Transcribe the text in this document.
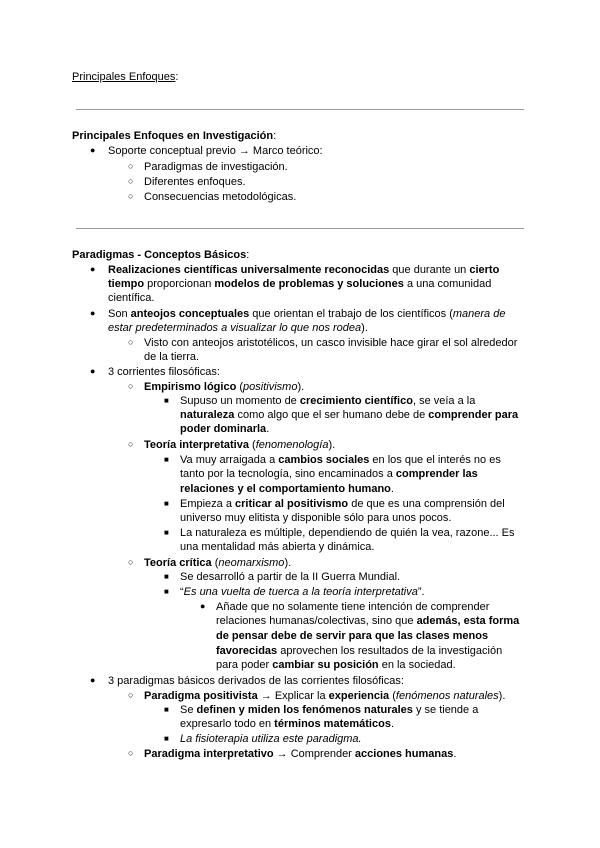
Principales Enfoques:
Principales Enfoques en Investigación:
● Soporte conceptual previo → Marco teórico:
○ Paradigmas de investigación.
○ Diferentes enfoques.
○ Consecuencias metodológicas.
Paradigmas - Conceptos Básicos:
● Realizaciones científicas universalmente reconocidas que durante un cierto
tiempo proporcionan modelos de problemas y soluciones a una comunidad
científica.
● Son anteojos conceptuales que orientan el trabajo de los científicos (manera de
estar predeterminados a visualizar lo que nos rodea).
○ Visto con anteojos aristotélicos, un casco invisible hace girar el sol alrededor
de la tierra.
● 3 corrientes filosóficas:
○ Empirismo lógico (positivismo).
■ Supuso un momento de crecimiento científico, se veía a la
naturaleza como algo que el ser humano debe de comprender para
poder dominarla.
○ Teoría interpretativa (fenomenología).
■ Va muy arraigada a cambios sociales en los que el interés no es
tanto por la tecnología, sino encaminados a comprender las
relaciones y el comportamiento humano.
■ Empieza a criticar al positivismo de que es una comprensión del
universo muy elitista y disponible sólo para unos pocos.
■ La naturaleza es múltiple, dependiendo de quién la vea, razone... Es
una mentalidad más abierta y dinámica.
○ Teoría crítica (neomarxismo).
■ Se desarrolló a partir de la II Guerra Mundial.
■ “Es una vuelta de tuerca a la teoría interpretativa”.
● Añade que no solamente tiene intención de comprender
relaciones humanas/colectivas, sino que además, esta forma
de pensar debe de servir para que las clases menos
favorecidas aprovechen los resultados de la investigación
para poder cambiar su posición en la sociedad.
● 3 paradigmas básicos derivados de las corrientes filosóficas:
○ Paradigma positivista → Explicar la experiencia (fenómenos naturales).
■ Se definen y miden los fenómenos naturales y se tiende a
expresarlo todo en términos matemáticos.
■ La fisioterapia utiliza este paradigma.
○ Paradigma interpretativo → Comprender acciones humanas.
